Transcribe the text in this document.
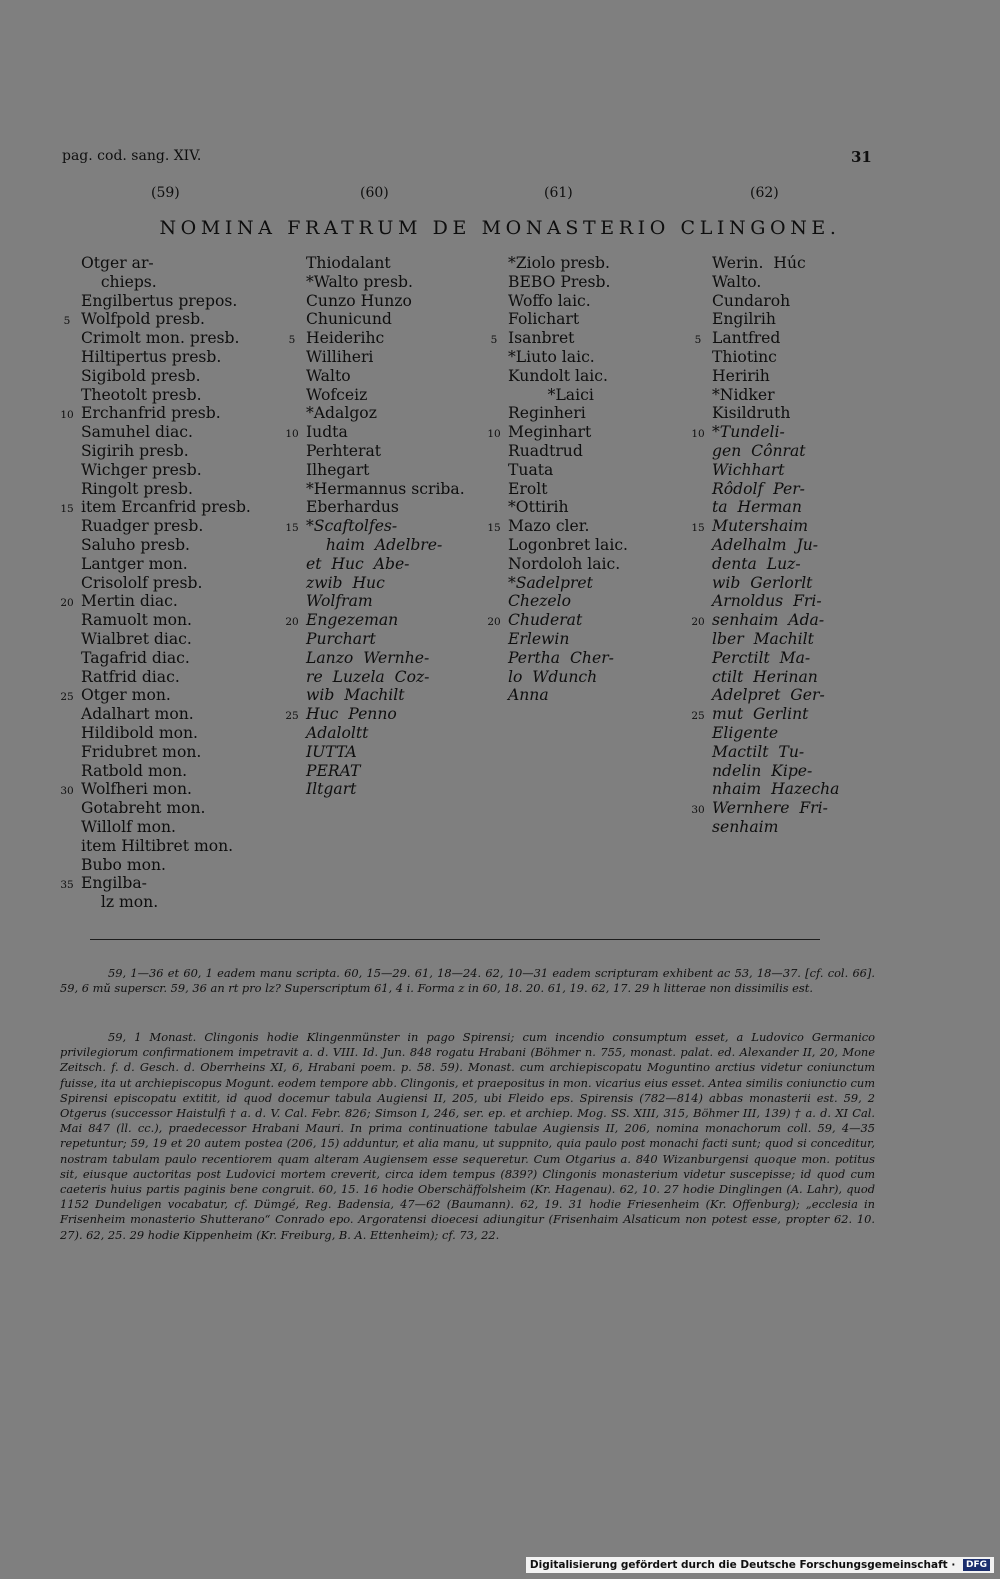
pag. cod. sang. XIV.	31
(59)	(60)	(61)	(62)
NOMINA FRATRUM DE MONASTERIO CLINGONE.
Otger ar-
chieps.
Engilbertus prepos.
5 Wolfpold presb.
Crimolt mon. presb.
Hiltipertus presb.
Sigibold presb.
Theotolt presb.
10 Erchanfrid presb.
Samuhel diac.
Sigirih presb.
Wichger presb.
Ringolt presb.
15 item Ercanfrid presb.
Ruadger presb.
Saluho presb.
Lantger mon.
Crisololf presb.
20 Mertin diac.
Ramuolt mon.
Wialbret diac.
Tagafrid diac.
Ratfrid diac.
25 Otger mon.
Adalhart mon.
Hildibold mon.
Fridubret mon.
Ratbold mon.
30 Wolfheri mon.
Gotabreht mon.
Willolf mon.
item Hiltibret mon.
Bubo mon.
35 Engilba-
lz mon.
Thiodalant
*Walto presb.
Cunzo Hunzo
Chunicund
5 Heiderihc
Williheri
Walto
Wofceiz
*Adalgoz
10 Iudta
Perhterat
Ilhegart
*Hermannus scriba.
Eberhardus
15 *Scaftolfes-
haim  Adelbre-
et  Huc  Abe-
zwib  Huc
Wolfram
20 Engezeman
Purchart
Lanzo  Wernhe-
re  Luzela  Coz-
wib  Machilt
25 Huc  Penno
Adaloltt
IUTTA
PERAT
Iltgart
*Ziolo presb.
BEBO Presb.
Woffo laic.
Folichart
5 Isanbret
*Liuto laic.
Kundolt laic.
*Laici
Reginheri
10 Meginhart
Ruadtrud
Tuata
Erolt
*Ottirih
15 Mazo cler.
Logonbret laic.
Nordoloh laic.
*Sadelpret
Chezelo
20 Chuderat
Erlewin
Pertha  Cher-
lo  Wdunch
Anna
Werin.  Húc
Walto.
Cundaroh
Engilrih
5 Lantfred
Thiotinc
Heririh
*Nidker
Kisildruth
10 *Tundeli-
gen  Cônrat
Wichhart
Rôdolf  Per-
ta  Herman
15 Mutershaim
Adelhalm  Ju-
denta  Luz-
wib  Gerlorlt
Arnoldus  Fri-
20 senhaim  Ada-
lber  Machilt
Perctilt  Ma-
ctilt  Herinan
Adelpret  Ger-
25 mut  Gerlint
Eligente
Mactilt  Tu-
ndelin  Kipe-
nhaim  Hazecha
30 Wernhere  Fri-
senhaim

59, 1—36 et 60, 1 eadem manu scripta. 60, 15—29. 61, 18—24. 62, 10—31 eadem scripturam exhibent ac 53, 18—37. [cf. col. 66]. 59, 6 mŭ superscr. 59, 36 an rt pro lz? Superscriptum 61, 4 i. Forma z in 60, 18. 20. 61, 19. 62, 17. 29 h litterae non dissimilis est.

59, 1 Monast. Clingonis hodie Klingenmünster in pago Spirensi; cum incendio consumptum esset, a Ludovico Germanico privilegiorum confirmationem impetravit a. d. VIII. Id. Jun. 848 rogatu Hrabani (Böhmer n. 755, monast. palat. ed. Alexander II, 20, Mone Zeitsch. f. d. Gesch. d. Oberrheins XI, 6, Hrabani poem. p. 58. 59). Monast. cum archiepiscopatu Moguntino arctius videtur coniunctum fuisse, ita ut archiepiscopus Mogunt. eodem tempore abb. Clingonis, et praepositus in mon. vicarius eius esset. Antea similis coniunctio cum Spirensi episcopatu extitit, id quod docemur tabula Augiensi II, 205, ubi Fleido eps. Spirensis (782—814) abbas monasterii est. 59, 2 Otgerus (successor Haistulfi † a. d. V. Cal. Febr. 826; Simson I, 246, ser. ep. et archiep. Mog. SS. XIII, 315, Böhmer III, 139) † a. d. XI Cal. Mai 847 (ll. cc.), praedecessor Hrabani Mauri. In prima continuatione tabulae Augiensis II, 206, nomina monachorum coll. 59, 4—35 repetuntur; 59, 19 et 20 autem postea (206, 15) adduntur, et alia manu, ut suppnito, quia paulo post monachi facti sunt; quod si conceditur, nostram tabulam paulo recentiorem quam alteram Augiensem esse sequeretur. Cum Otgarius a. 840 Wizanburgensi quoque mon. potitus sit, eiusque auctoritas post Ludovici mortem creverit, circa idem tempus (839?) Clingonis monasterium videtur suscepisse; id quod cum caeteris huius partis paginis bene congruit. 60, 15. 16 hodie Oberschäffolsheim (Kr. Hagenau). 62, 10. 27 hodie Dinglingen (A. Lahr), quod 1152 Dundeligen vocabatur, cf. Dümgé, Reg. Badensia, 47—62 (Baumann). 62, 19. 31 hodie Friesenheim (Kr. Offenburg); „ecclesia in Frisenheim monasterio Shutterano“ Conrado epo. Argoratensi dioecesi adiungitur (Frisenhaim Alsaticum non potest esse, propter 62. 10. 27). 62, 25. 29 hodie Kippenheim (Kr. Freiburg, B. A. Ettenheim); cf. 73, 22.

Digitalisierung gefördert durch die Deutsche Forschungsgemeinschaft · DFG
